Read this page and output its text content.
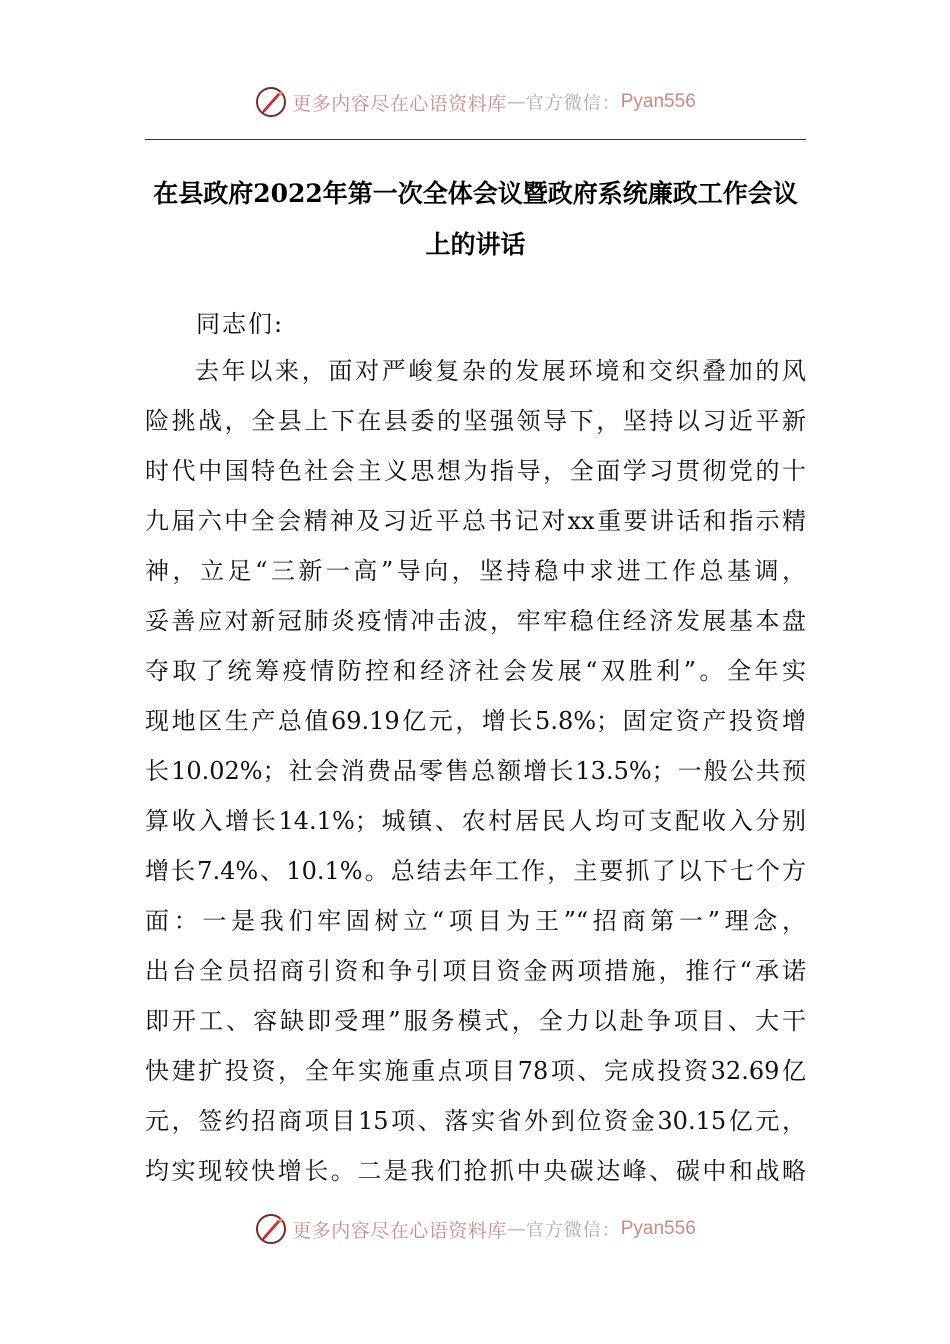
更多内容尽在心语资料库 — 官方微信： Pyan556
在县政府2022年第一次全体会议暨政府系统廉政工作会议
上的讲话
同志们:
去年以来，面对严峻复杂的发展环境和交织叠加的风
险挑战，全县上下在县委的坚强领导下，坚持以习近平新
时代中国特色社会主义思想为指导，全面学习贯彻党的十
九届六中全会精神及习近平总书记对xx重要讲话和指示精
神，立足“三新一高”导向，坚持稳中求进工作总基调，
妥善应对新冠肺炎疫情冲击波，牢牢稳住经济发展基本盘
夺取了统筹疫情防控和经济社会发展“双胜利”。全年实
现地区生产总值69.19亿元，增长5.8%；固定资产投资增
长10.02%；社会消费品零售总额增长13.5%；一般公共预
算收入增长14.1%；城镇、农村居民人均可支配收入分别
增长7.4%、10.1%。总结去年工作，主要抓了以下七个方
面：一是我们牢固树立“项目为王”“招商第一”理念，
出台全员招商引资和争引项目资金两项措施，推行“承诺
即开工、容缺即受理”服务模式，全力以赴争项目、大干
快建扩投资，全年实施重点项目78项、完成投资32.69亿
元，签约招商项目15项、落实省外到位资金30.15亿元，
均实现较快增长。二是我们抢抓中央碳达峰、碳中和战略
更多内容尽在心语资料库 — 官方微信： Pyan556
